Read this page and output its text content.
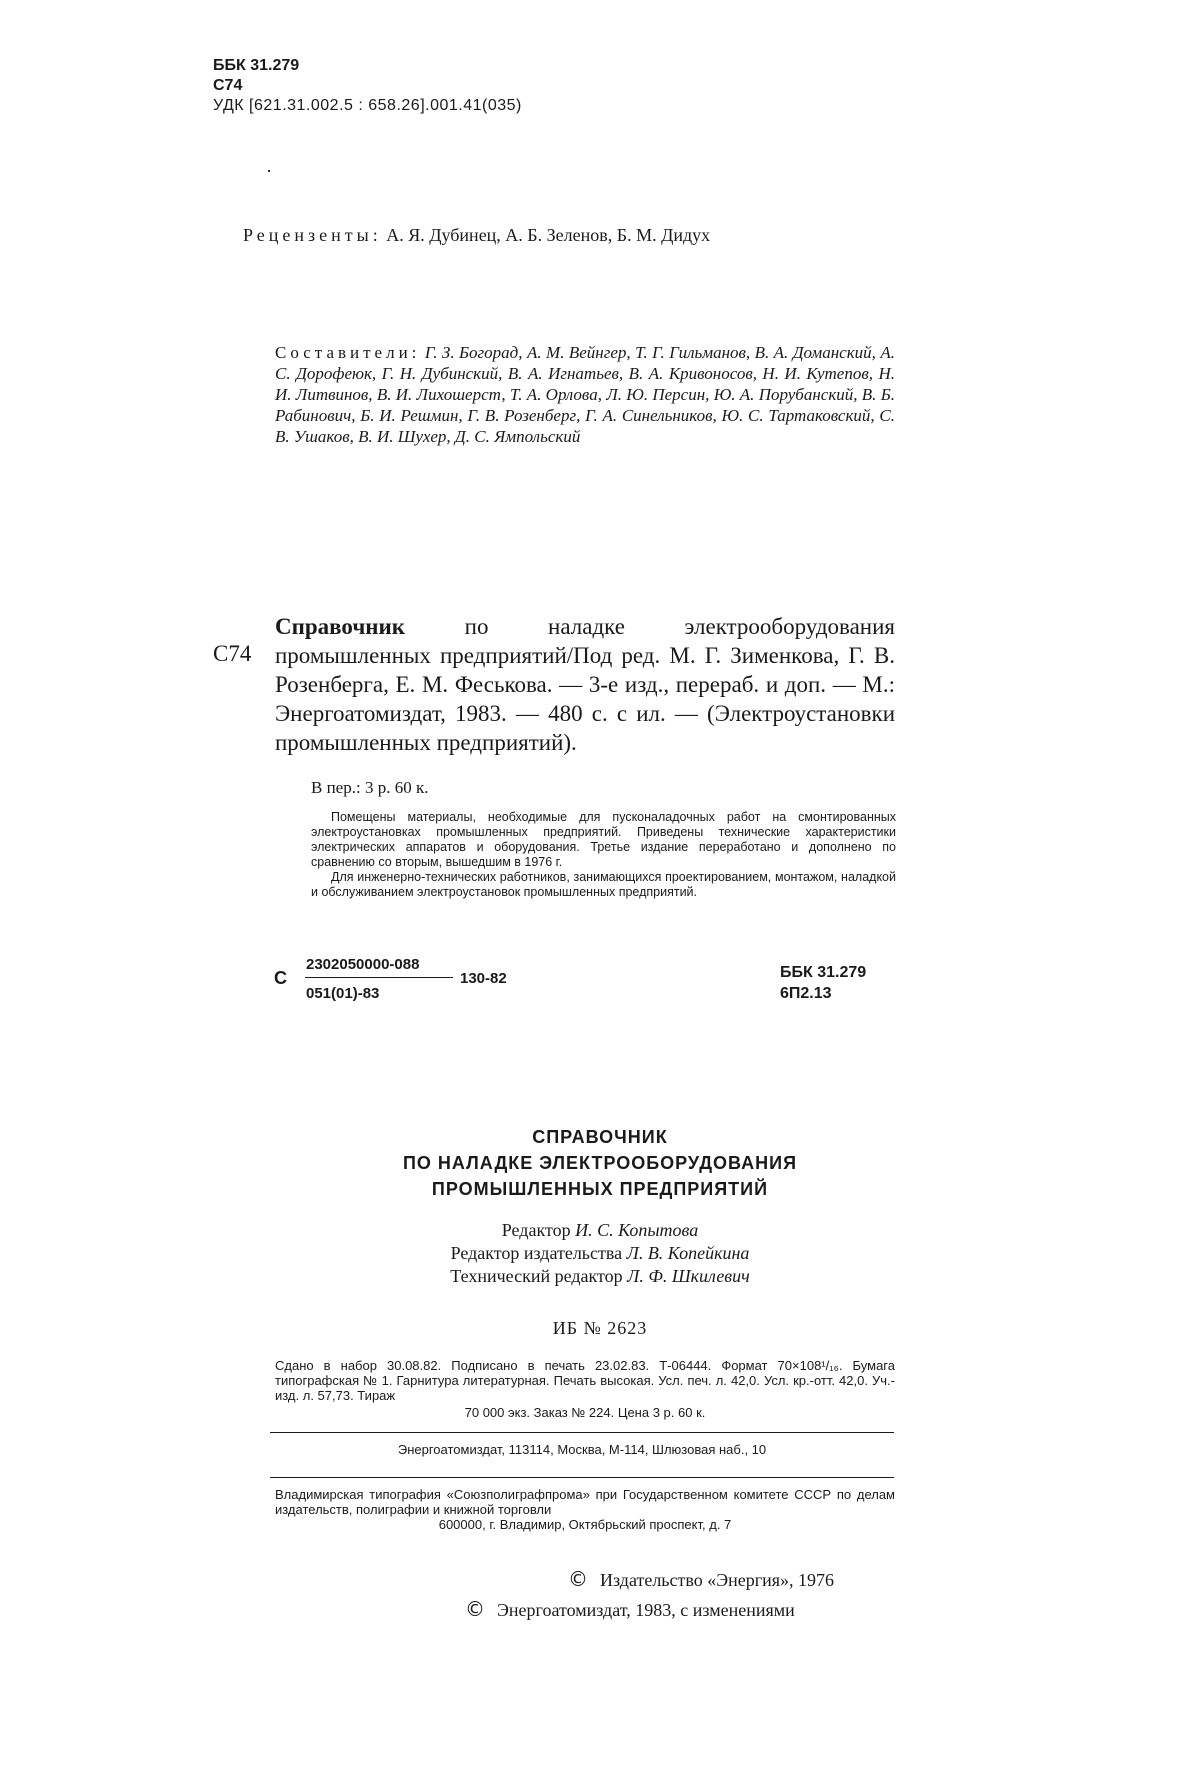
ББК 31.279
С74
УДК [621.31.002.5 : 658.26].001.41(035)
Рецензенты: А. Я. Дубинец, А. Б. Зеленов, Б. М. Дидух
Составители: Г. З. Богорад, А. М. Вейнгер, Т. Г. Гильманов, В. А. Доманский, А. С. Дорофеюк, Г. Н. Дубинский, В. А. Игнатьев, В. А. Кривоносов, Н. И. Кутепов, Н. И. Литвинов, В. И. Лихошерст, Т. А. Орлова, Л. Ю. Персин, Ю. А. Порубанский, В. Б. Рабинович, Б. И. Решмин, Г. В. Розенберг, Г. А. Синельников, Ю. С. Тартаковский, С. В. Ушаков, В. И. Шухер, Д. С. Ямпольский
С74
Справочник	по наладке электрооборудования промышленных предприятий/Под ред. М. Г. Зименкова, Г. В. Розенберга, Е. М. Феськова. — 3-е изд., перераб. и доп. — М.: Энергоатомиздат, 1983. — 480 с. с ил. — (Электроустановки промышленных предприятий).
В пер.: 3 р. 60 к.

Помещены материалы, необходимые для пусконаладочных работ на смонтированных электроустановках промышленных предприятий. Приведены технические характеристики электрических аппаратов и оборудования. Третье издание переработано и дополнено по сравнению со вторым, вышедшим в 1976 г.

Для инженерно-технических работников, занимающихся проектированием, монтажом, наладкой и обслуживанием электроустановок промышленных предприятий.

С
2302050000-088
051(01)-83
130-82	ББК 31.279
6П2.13
СПРАВОЧНИК
ПО НАЛАДКЕ ЭЛЕКТРООБОРУДОВАНИЯ
ПРОМЫШЛЕННЫХ ПРЕДПРИЯТИЙ
Редактор И. С. Копытова
Редактор издательства Л. В. Копейкина
Технический редактор Л. Ф. Шкилевич
ИБ № 2623
Сдано в набор 30.08.82. Подписано в печать 23.02.83. Т-06444. Формат 70×108¹/₁₆. Бумага типографская № 1. Гарнитура литературная. Печать высокая. Усл. печ. л. 42,0. Усл. кр.-отт. 42,0. Уч.-изд. л. 57,73. Тираж
70 000 экз. Заказ № 224. Цена 3 р. 60 к.
Энергоатомиздат, 113114, Москва, М-114, Шлюзовая наб., 10
Владимирская типография «Союзполиграфпрома» при Государственном комитете СССР по делам издательств, полиграфии и книжной торговли
600000, г. Владимир, Октябрьский проспект, д. 7
© Издательство «Энергия», 1976
© Энергоатомиздат, 1983, с изменениями
